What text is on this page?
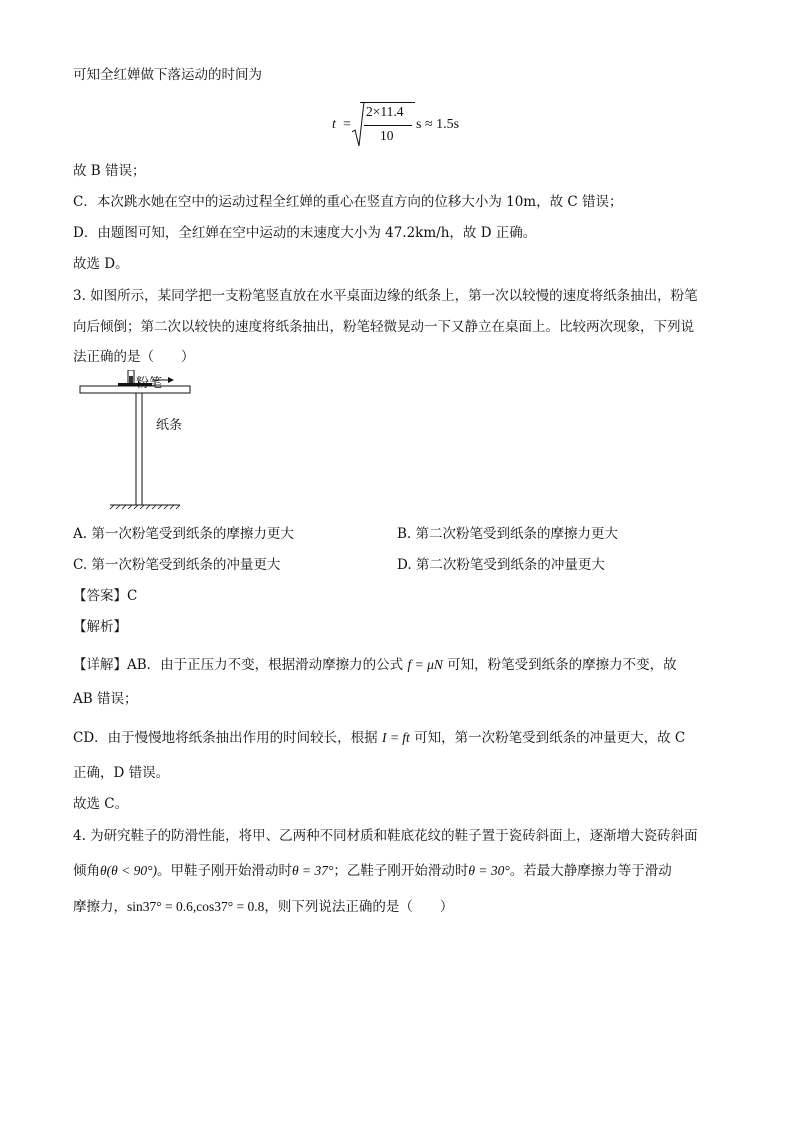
可知全红婵做下落运动的时间为
t =
2×11.4
10
s ≈ 1.5s
故 B 错误；
C．本次跳水她在空中的运动过程全红婵的重心在竖直方向的位移大小为 10m，故 C 错误；
D．由题图可知，全红婵在空中运动的末速度大小为 47.2km/h，故 D 正确。
故选 D。
3. 如图所示，某同学把一支粉笔竖直放在水平桌面边缘的纸条上，第一次以较慢的速度将纸条抽出，粉笔
向后倾倒；第二次以较快的速度将纸条抽出，粉笔轻微晃动一下又静立在桌面上。比较两次现象，下列说
法正确的是（　　）
粉笔
纸条
A. 第一次粉笔受到纸条的摩擦力更大	B. 第二次粉笔受到纸条的摩擦力更大
C. 第一次粉笔受到纸条的冲量更大	D. 第二次粉笔受到纸条的冲量更大
【答案】C
【解析】
【详解】AB．由于正压力不变，根据滑动摩擦力的公式 f = μN 可知，粉笔受到纸条的摩擦力不变，故
AB 错误；
CD．由于慢慢地将纸条抽出作用的时间较长，根据 I = ft 可知，第一次粉笔受到纸条的冲量更大，故 C
正确，D 错误。
故选 C。
4. 为研究鞋子的防滑性能，将甲、乙两种不同材质和鞋底花纹的鞋子置于瓷砖斜面上，逐渐增大瓷砖斜面
倾角θ(θ < 90°)。甲鞋子刚开始滑动时θ = 37°；乙鞋子刚开始滑动时θ = 30°。若最大静摩擦力等于滑动
摩擦力，sin37° = 0.6,cos37° = 0.8，则下列说法正确的是（　　）
